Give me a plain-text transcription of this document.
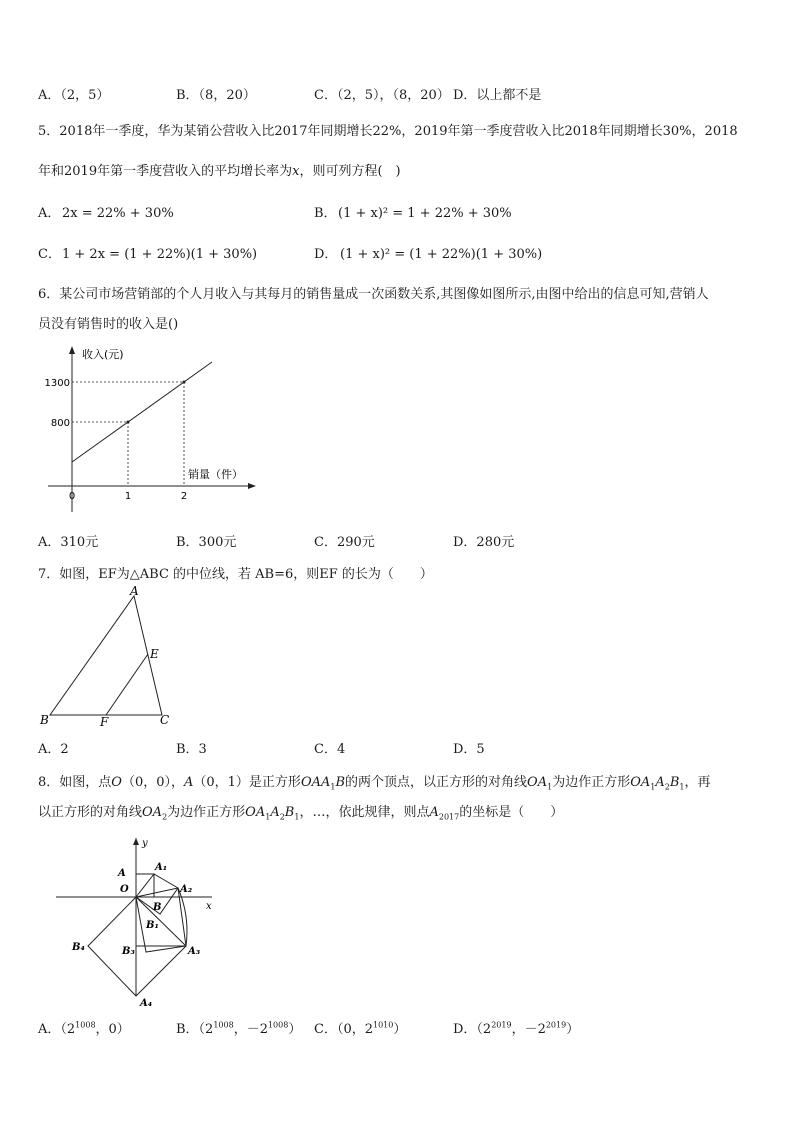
A．（2，5）	B．（8，20）	C．（2，5），（8，20） D．以上都不是
5．2018年一季度，华为某销公营收入比2017年同期增长22%，2019年第一季度营收入比2018年同期增长30%，2018
年和2019年第一季度营收入的平均增长率为x，则可列方程(　)
A． 2x = 22% + 30%	B． (1 + x)² = 1 + 22% + 30%
C． 1 + 2x = (1 + 22%)(1 + 30%)	D． (1 + x)² = (1 + 22%)(1 + 30%)
6．某公司市场营销部的个人月收入与其每月的销售量成一次函数关系,其图像如图所示,由图中给出的信息可知,营销人
员没有销售时的收入是()
收入(元)
销量（件）
1300
800
0	1	2
A．310元	B．300元	C．290元	D．280元
7．如图，EF为△ABC 的中位线，若 AB=6，则EF 的长为（　　）
A
B	C
E
F
A．2	B．3	C．4	D．5
8．如图，点O（0，0），A（0，1）是正方形$OAA_1B$的两个顶点，以正方形的对角线$OA_1$为边作正方形$OA_1A_2B_1$，再
以正方形的对角线$OA_2$为边作正方形$OA_1A_2B_1$，…，依此规律，则点$A_{2017}$的坐标是（　　）
y
x
A
A₁
A₂
A₃
A₄
O
B
B₁
B₃
B₄
A．（$2^{1008}$，0）	B．（$2^{1008}$，$-2^{1008}$） C．（0，$2^{1010}$）	D．（$2^{2019}$，$-2^{2019}$）
